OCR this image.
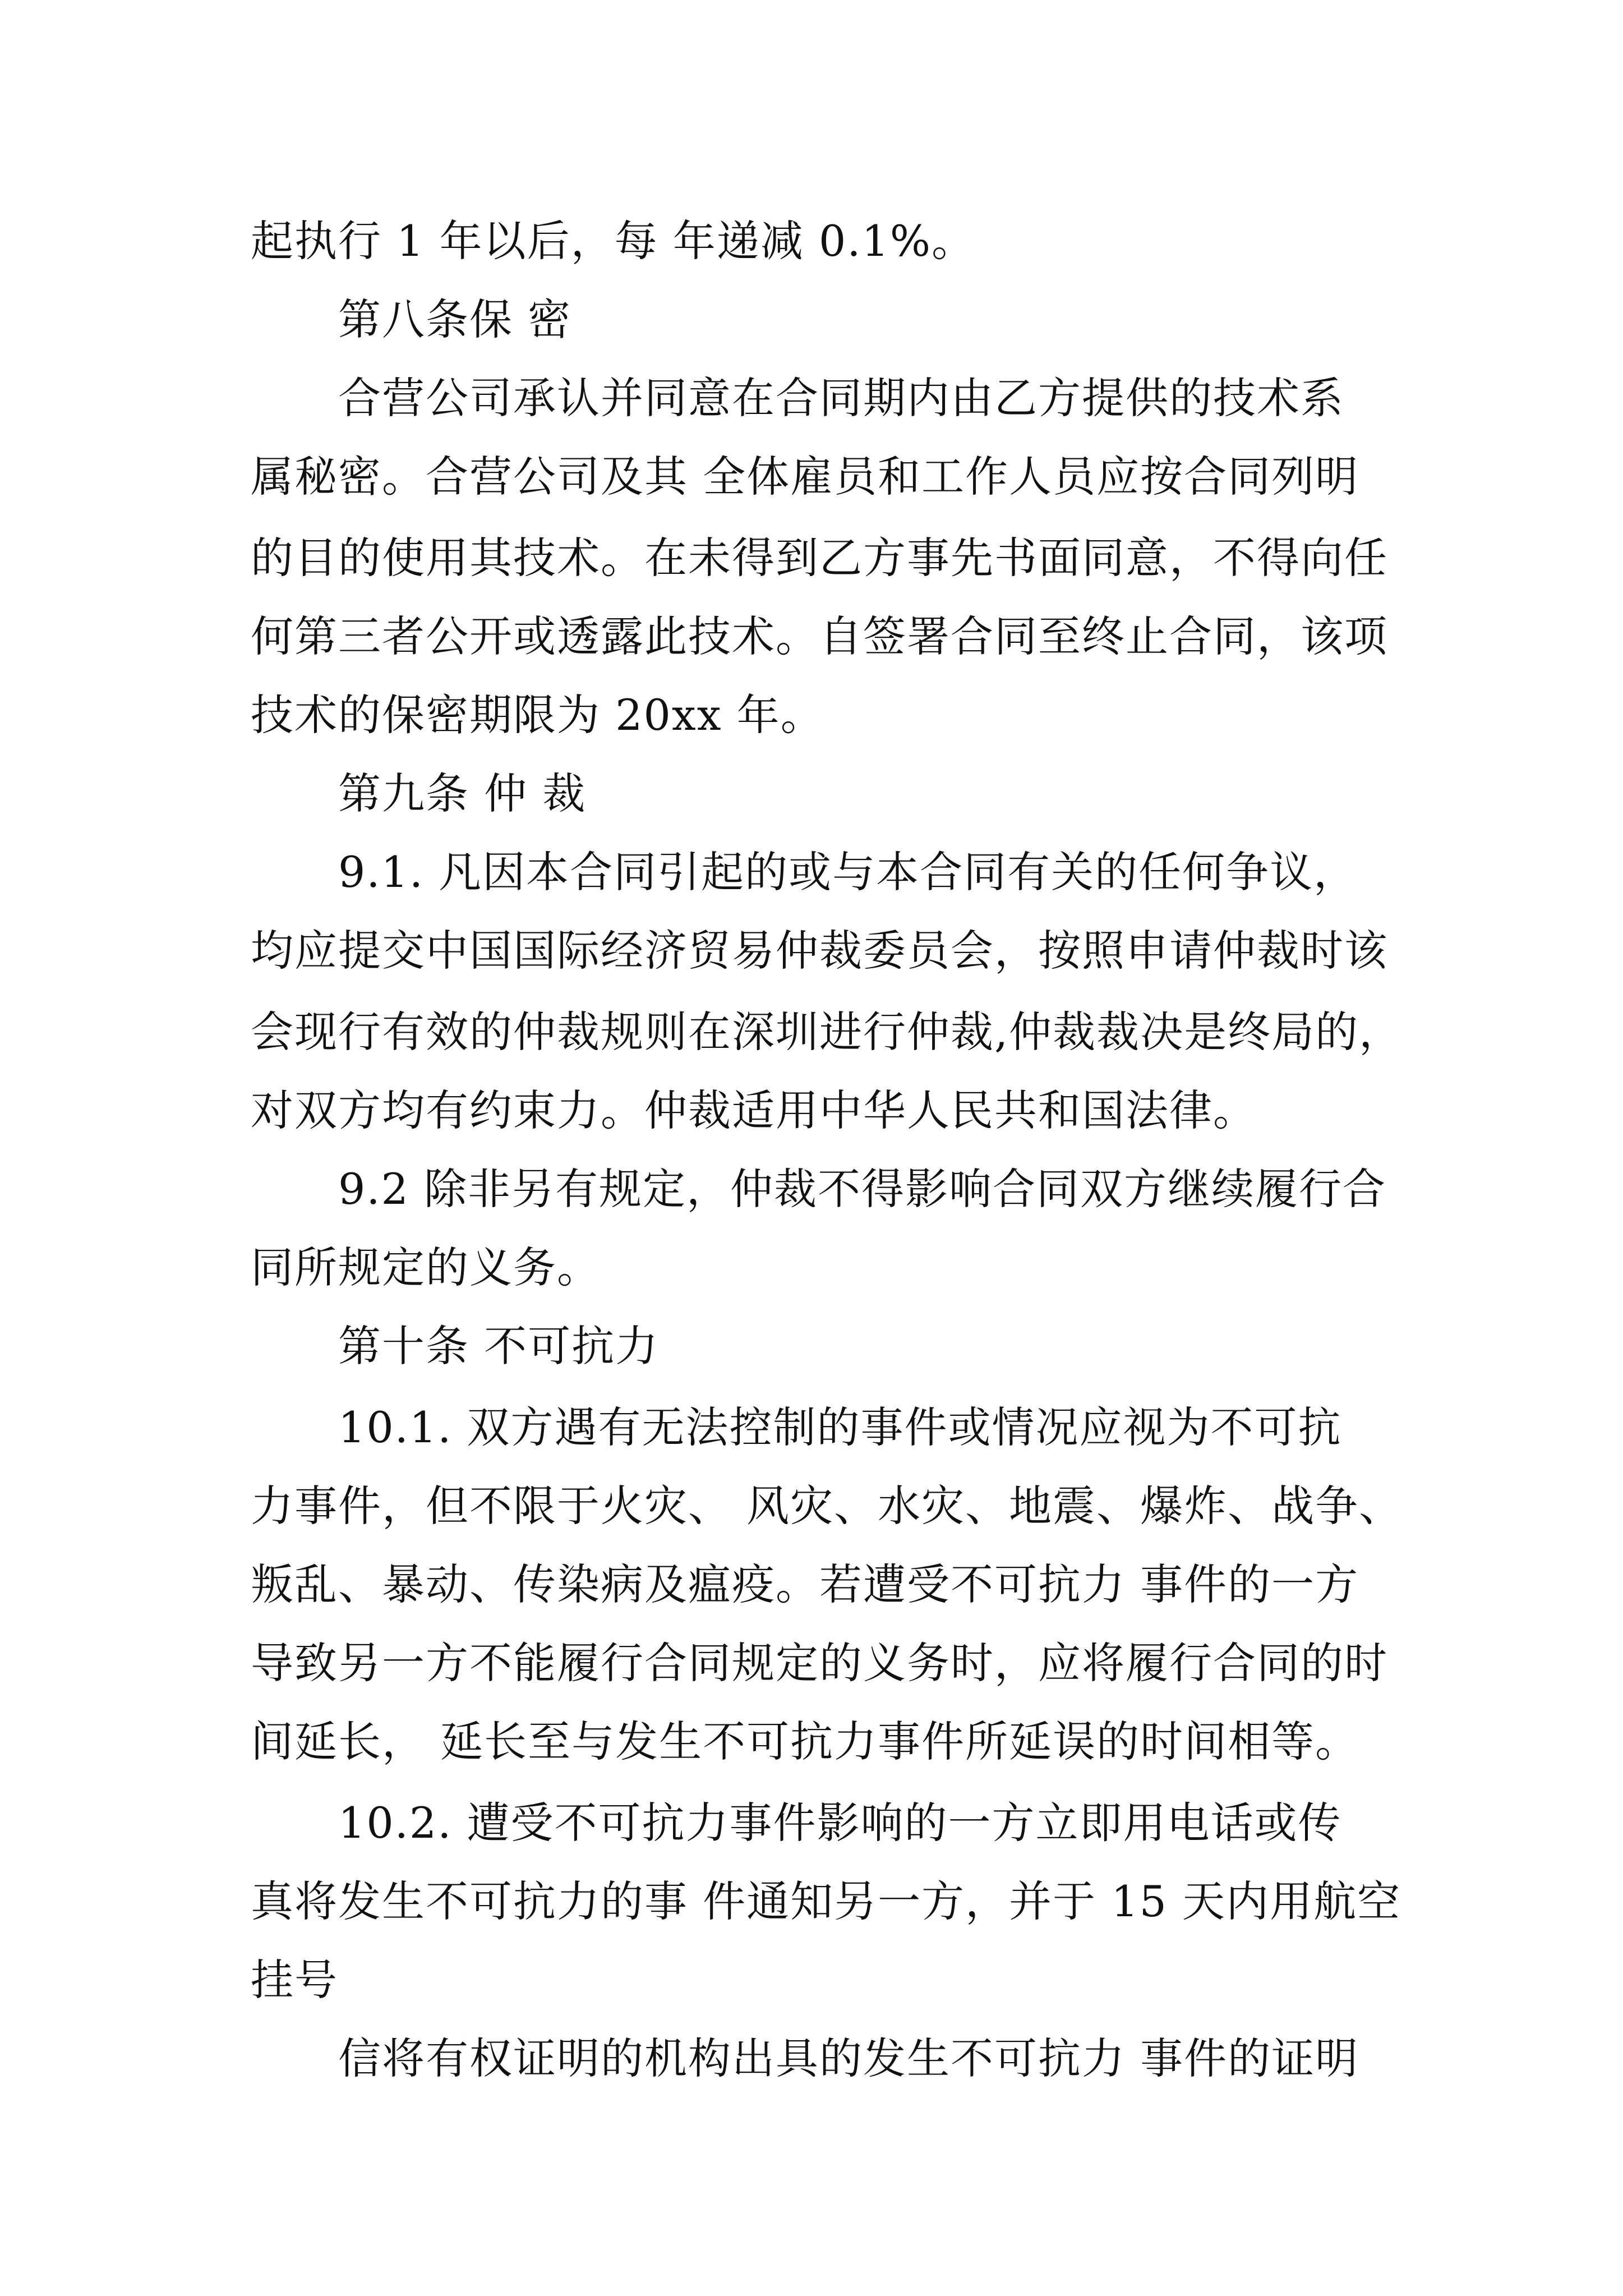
起执行 1 年以后，每 年递减 0.1%。
第八条保 密
合营公司承认并同意在合同期内由乙方提供的技术系
属秘密。合营公司及其 全体雇员和工作人员应按合同列明
的目的使用其技术。在未得到乙方事先书面同意，不得向任
何第三者公开或透露此技术。自签署合同至终止合同，该项
技术的保密期限为 20xx 年。
第九条 仲 裁
9.1. 凡因本合同引起的或与本合同有关的任何争议，
均应提交中国国际经济贸易仲裁委员会，按照申请仲裁时该
会现行有效的仲裁规则在深圳进行仲裁,仲裁裁决是终局的，
对双方均有约束力。仲裁适用中华人民共和国法律。
9.2 除非另有规定，仲裁不得影响合同双方继续履行合
同所规定的义务。
第十条 不可抗力
10.1. 双方遇有无法控制的事件或情况应视为不可抗
力事件，但不限于火灾、 风灾、水灾、地震、爆炸、战争、
叛乱、暴动、传染病及瘟疫。若遭受不可抗力 事件的一方
导致另一方不能履行合同规定的义务时，应将履行合同的时
间延长， 延长至与发生不可抗力事件所延误的时间相等。
10.2. 遭受不可抗力事件影响的一方立即用电话或传
真将发生不可抗力的事 件通知另一方，并于 15 天内用航空
挂号
信将有权证明的机构出具的发生不可抗力 事件的证明
